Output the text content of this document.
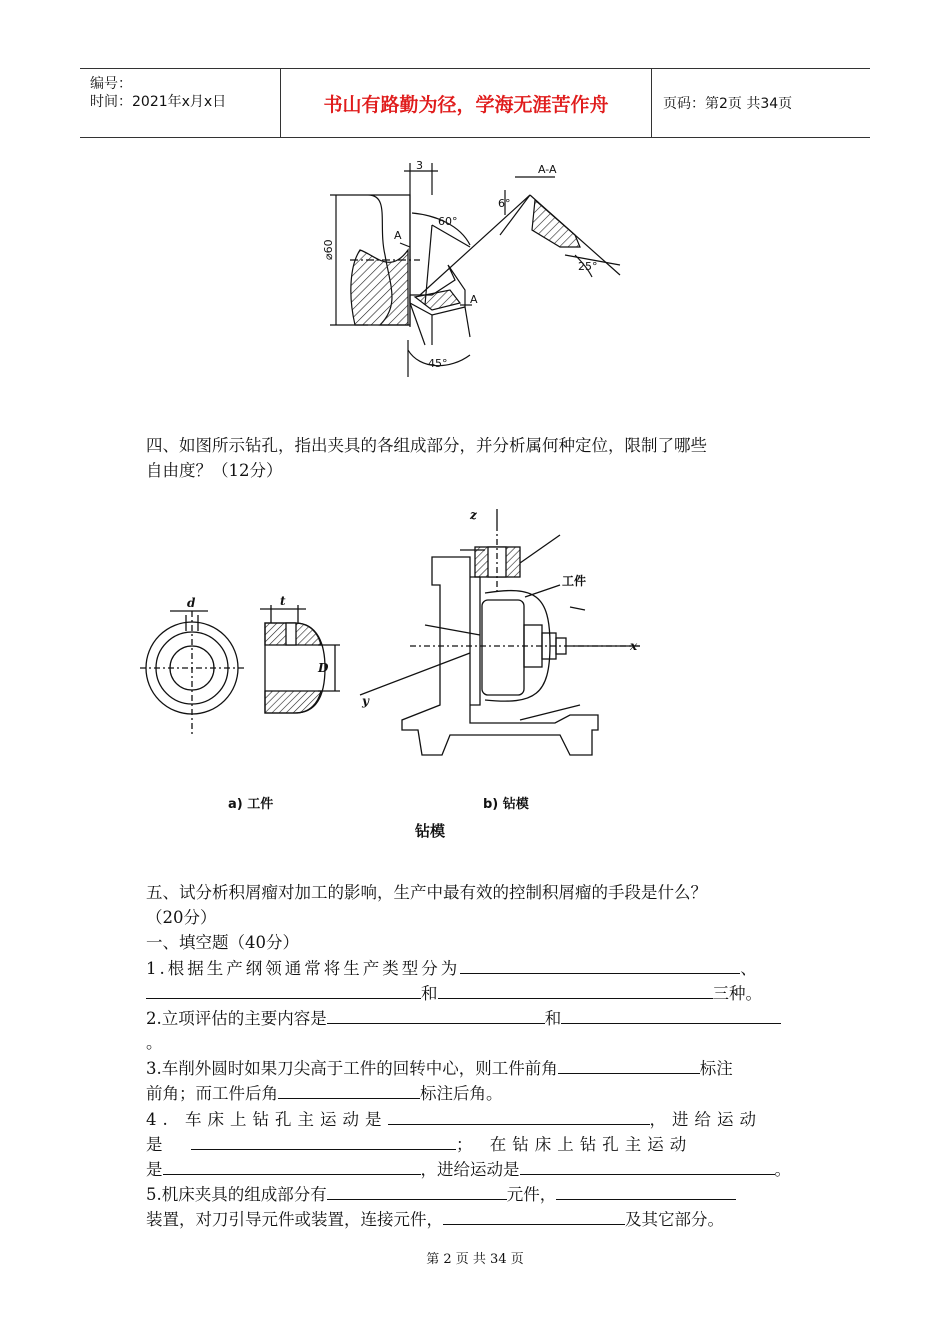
编号：
时间：2021年x月x日	书山有路勤为径，学海无涯苦作舟	页码：第2页 共34页
3
⌀60
60°
6°
25°
45°
A-A
A
A
四、如图所示钻孔，指出夹具的各组成部分，并分析属何种定位，限制了哪些
自由度？（12分）
d	t
D
z
x
y
工件
a) 工件	b) 钻模
钻模
五、试分析积屑瘤对加工的影响，生产中最有效的控制积屑瘤的手段是什么？
（20分）
一、填空题（40分）
1.根据生产纲领通常将生产类型分为	、
和	三种。
2.立项评估的主要内容是	和
。
3.车削外圆时如果刀尖高于工件的回转中心，则工件前角	标注
前角；而工件后角	标注后角。
4. 车床上钻孔主运动是	，进给运动
是	； 在钻床上钻孔主运动
是	，进给运动是	。
5.机床夹具的组成部分有	元件，
装置，对刀引导元件或装置，连接元件，	及其它部分。
第 2 页 共 34 页
